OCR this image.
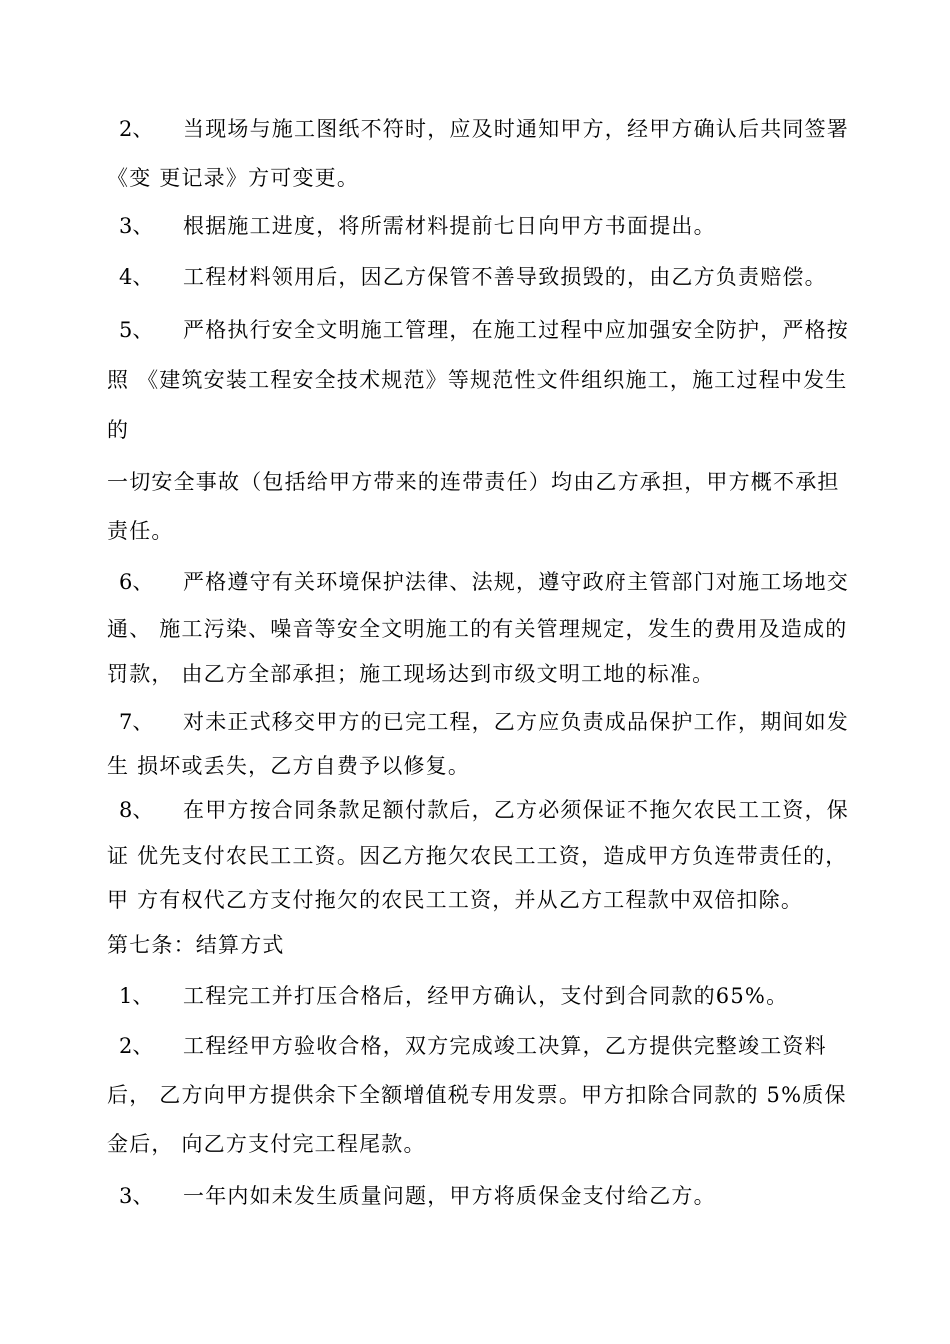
2、 当现场与施工图纸不符时，应及时通知甲方，经甲方确认后共同签署
《变 更记录》方可变更。
3、 根据施工进度，将所需材料提前七日向甲方书面提出。
4、 工程材料领用后，因乙方保管不善导致损毁的，由乙方负责赔偿。
5、 严格执行安全文明施工管理，在施工过程中应加强安全防护，严格按
照 《建筑安装工程安全技术规范》等规范性文件组织施工，施工过程中发生
的
一切安全事故（包括给甲方带来的连带责任）均由乙方承担，甲方概不承担
责任。
6、 严格遵守有关环境保护法律、法规，遵守政府主管部门对施工场地交
通、 施工污染、噪音等安全文明施工的有关管理规定，发生的费用及造成的
罚款， 由乙方全部承担；施工现场达到市级文明工地的标准。
7、 对未正式移交甲方的已完工程，乙方应负责成品保护工作，期间如发
生 损坏或丢失，乙方自费予以修复。
8、 在甲方按合同条款足额付款后，乙方必须保证不拖欠农民工工资，保
证 优先支付农民工工资。因乙方拖欠农民工工资，造成甲方负连带责任的，
甲 方有权代乙方支付拖欠的农民工工资，并从乙方工程款中双倍扣除。
第七条：结算方式
1、 工程完工并打压合格后，经甲方确认，支付到合同款的65%。
2、 工程经甲方验收合格，双方完成竣工决算，乙方提供完整竣工资料
后， 乙方向甲方提供余下全额增值税专用发票。甲方扣除合同款的 5%质保
金后， 向乙方支付完工程尾款。
3、 一年内如未发生质量问题，甲方将质保金支付给乙方。
